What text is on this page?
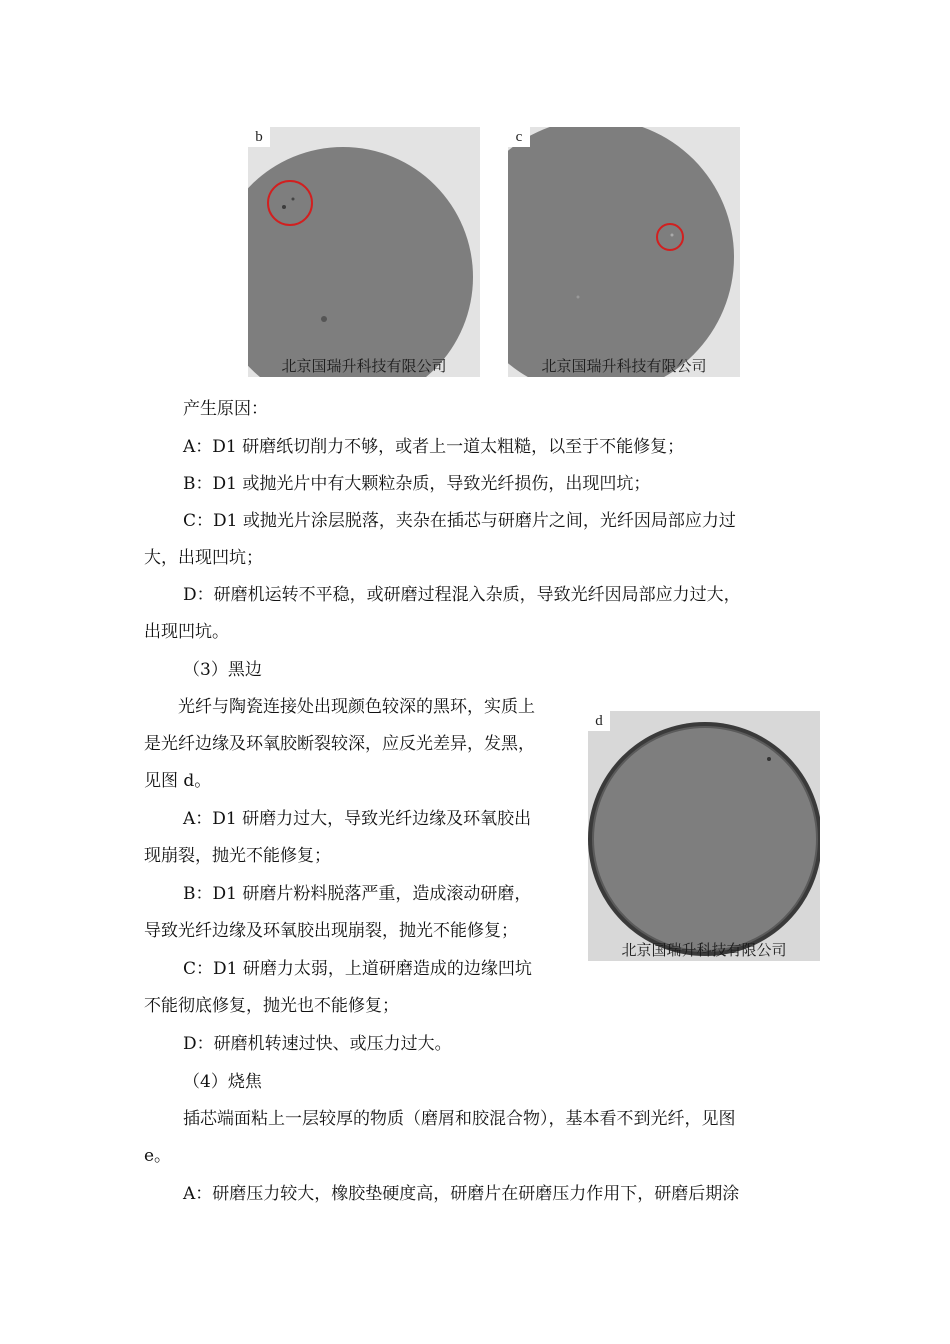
b
北京国瑞升科技有限公司
c
北京国瑞升科技有限公司
产生原因：
A：D1 研磨纸切削力不够，或者上一道太粗糙，以至于不能修复；
B：D1 或抛光片中有大颗粒杂质，导致光纤损伤，出现凹坑；
C：D1 或抛光片涂层脱落，夹杂在插芯与研磨片之间，光纤因局部应力过
大，出现凹坑；
D：研磨机运转不平稳，或研磨过程混入杂质，导致光纤因局部应力过大，
出现凹坑。
（3）黑边
光纤与陶瓷连接处出现颜色较深的黑环，实质上
是光纤边缘及环氧胶断裂较深，应反光差异，发黑，
见图 d。
A：D1 研磨力过大，导致光纤边缘及环氧胶出
现崩裂，抛光不能修复；
B：D1 研磨片粉料脱落严重，造成滚动研磨，
导致光纤边缘及环氧胶出现崩裂，抛光不能修复；
C：D1 研磨力太弱，上道研磨造成的边缘凹坑
不能彻底修复，抛光也不能修复；
D：研磨机转速过快、或压力过大。
d
北京国瑞升科技有限公司
（4）烧焦
插芯端面粘上一层较厚的物质（磨屑和胶混合物），基本看不到光纤，见图
e。
A：研磨压力较大，橡胶垫硬度高，研磨片在研磨压力作用下，研磨后期涂
